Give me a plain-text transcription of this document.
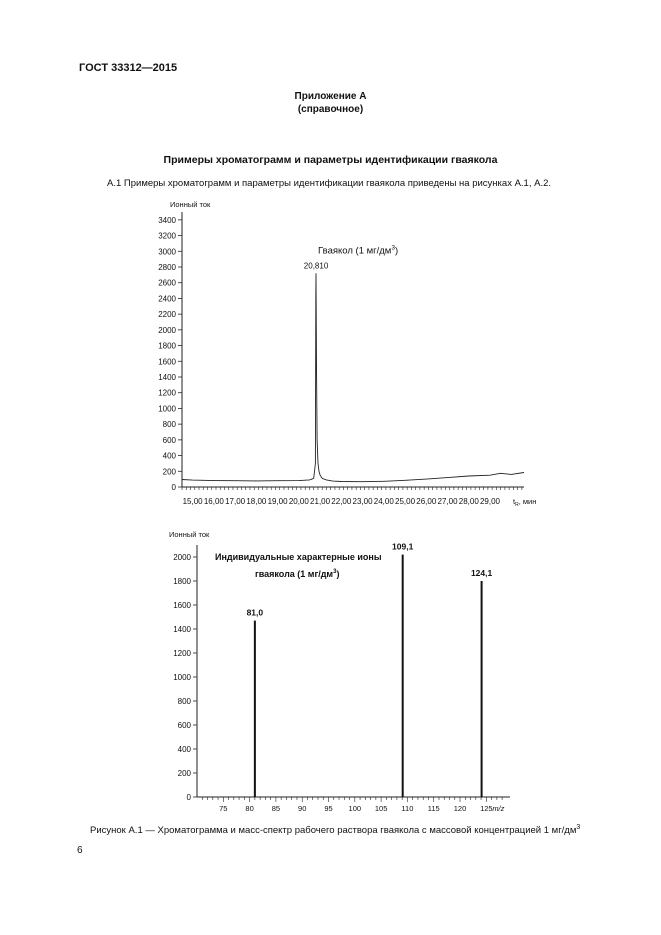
ГОСТ 33312—2015
Приложение А
(справочное)
Примеры хроматограмм и параметры идентификации гваякола
А.1 Примеры хроматограмм и параметры идентификации гваякола приведены на рисунках А.1, А.2.
Ионный ток
0
200
400
600
800
1000
1200
1400
1600
1800
2000
2200
2400
2600
2800
3000
3200
3400
15,00 16,00 17,00 18,00 19,00 20,00 21,00 22,00 23,00 24,00 25,00 26,00 27,00 28,00 29,00 $t_R$, мин
20,810
Гваякол (1 $мг/дм^3$)
Ионный ток
0
200
400
600
800
1000
1200
1400
1600
1800
2000
75 80 85 90 95 100 105 110 115 120 125 m/z
81,0
109,1
124,1
Индивидуальные характерные ионы
гваякола (1 $мг/дм^3$)
Рисунок А.1 — Хроматограмма и масс-спектр рабочего раствора гваякола с массовой концентрацией 1 $мг/дм^3$
6
